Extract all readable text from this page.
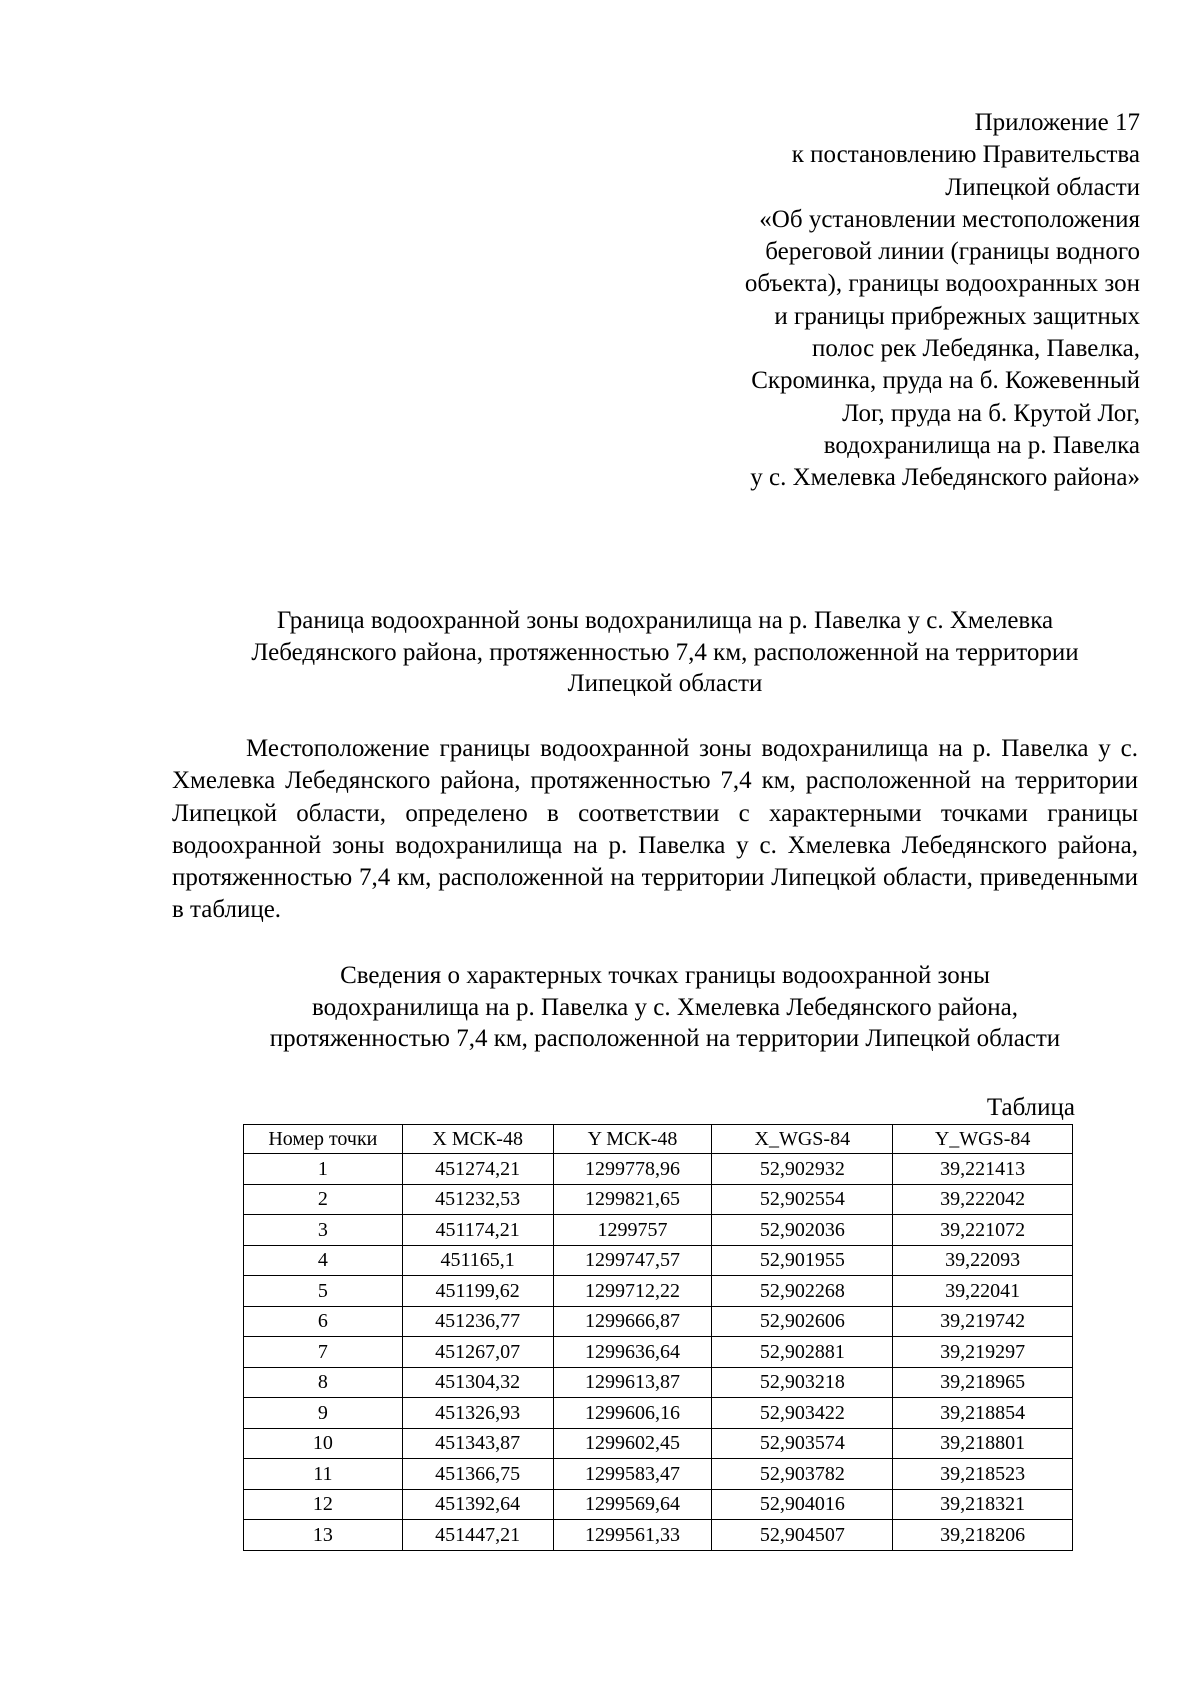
Приложение 17
к постановлению Правительства
Липецкой области
«Об установлении местоположения
береговой линии (границы водного
объекта), границы водоохранных зон
и границы прибрежных защитных
полос рек Лебедянка, Павелка,
Скроминка, пруда на б. Кожевенный
Лог, пруда на б. Крутой Лог,
водохранилища на р. Павелка
у с. Хмелевка Лебедянского района»
Граница водоохранной зоны водохранилища на р. Павелка у с. Хмелевка
Лебедянского района, протяженностью 7,4 км, расположенной на территории
Липецкой области

Местоположение границы водоохранной зоны водохранилища на р. Павелка у с. Хмелевка Лебедянского района, протяженностью 7,4 км, расположенной на территории Липецкой области, определено в соответствии с характерными точками границы водоохранной зоны водохранилища на р. Павелка у с. Хмелевка Лебедянского района, протяженностью 7,4 км, расположенной на территории Липецкой области, приведенными в таблице.

Сведения о характерных точках границы водоохранной зоны
водохранилища на р. Павелка у с. Хмелевка Лебедянского района,
протяженностью 7,4 км, расположенной на территории Липецкой области
Таблица
Номер точки	X МСК-48	Y МСК-48	X_WGS-84	Y_WGS-84
1	451274,21	1299778,96	52,902932	39,221413
2	451232,53	1299821,65	52,902554	39,222042
3	451174,21	1299757	52,902036	39,221072
4	451165,1	1299747,57	52,901955	39,22093
5	451199,62	1299712,22	52,902268	39,22041
6	451236,77	1299666,87	52,902606	39,219742
7	451267,07	1299636,64	52,902881	39,219297
8	451304,32	1299613,87	52,903218	39,218965
9	451326,93	1299606,16	52,903422	39,218854
10	451343,87	1299602,45	52,903574	39,218801
11	451366,75	1299583,47	52,903782	39,218523
12	451392,64	1299569,64	52,904016	39,218321
13	451447,21	1299561,33	52,904507	39,218206
